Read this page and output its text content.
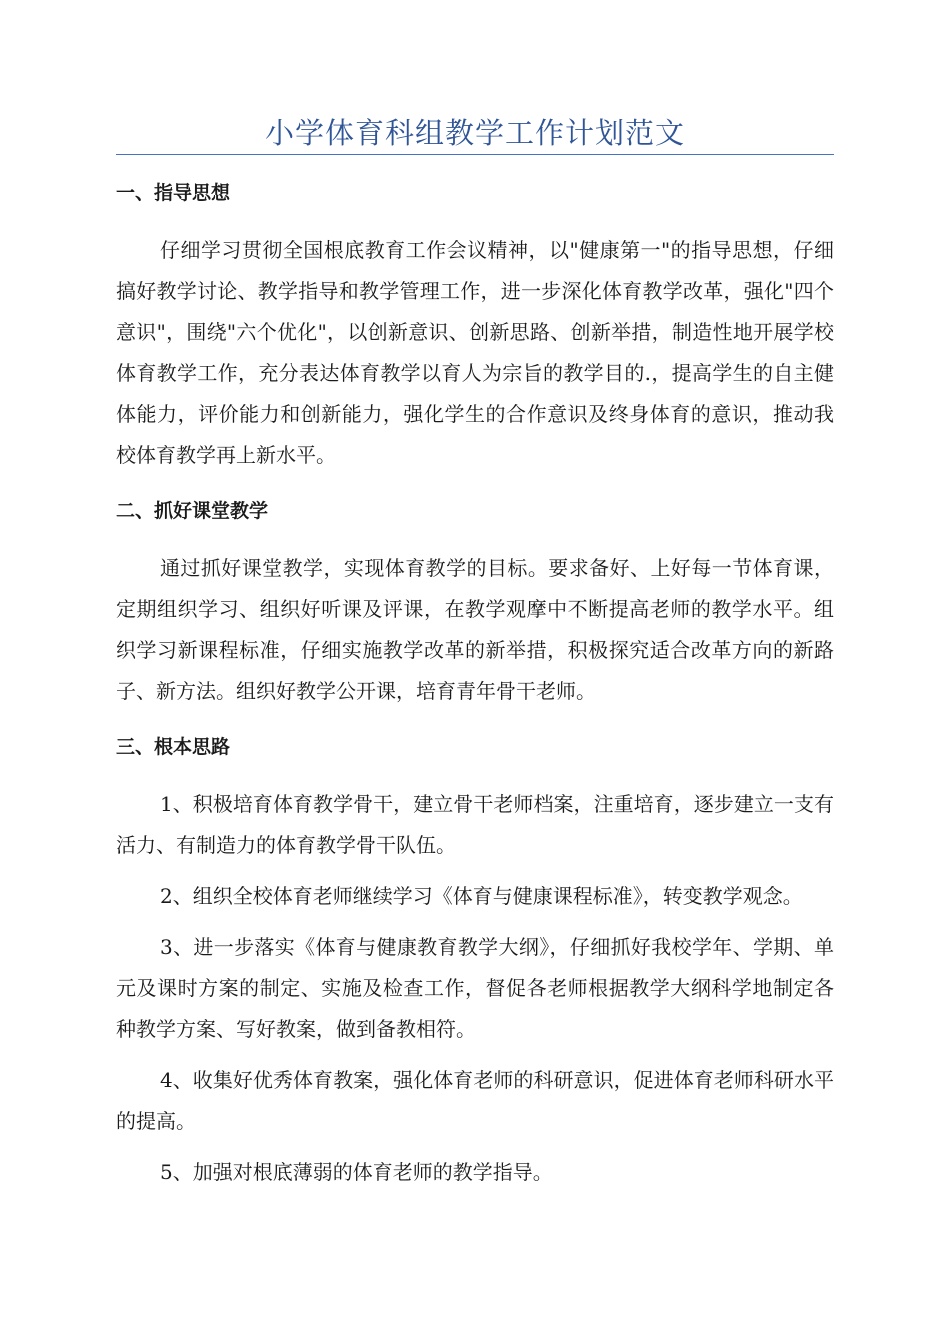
小学体育科组教学工作计划范文

一、指导思想

仔细学习贯彻全国根底教育工作会议精神，以"健康第一"的指导思想，仔细搞好教学讨论、教学指导和教学管理工作，进一步深化体育教学改革，强化"四个意识"，围绕"六个优化"，以创新意识、创新思路、创新举措，制造性地开展学校体育教学工作，充分表达体育教学以育人为宗旨的教学目的.，提高学生的自主健体能力，评价能力和创新能力，强化学生的合作意识及终身体育的意识，推动我校体育教学再上新水平。

二、抓好课堂教学

通过抓好课堂教学，实现体育教学的目标。要求备好、上好每一节体育课，定期组织学习、组织好听课及评课，在教学观摩中不断提高老师的教学水平。组织学习新课程标准，仔细实施教学改革的新举措，积极探究适合改革方向的新路子、新方法。组织好教学公开课，培育青年骨干老师。

三、根本思路

1、积极培育体育教学骨干，建立骨干老师档案，注重培育，逐步建立一支有活力、有制造力的体育教学骨干队伍。

2、组织全校体育老师继续学习《体育与健康课程标准》，转变教学观念。

3、进一步落实《体育与健康教育教学大纲》，仔细抓好我校学年、学期、单元及课时方案的制定、实施及检查工作，督促各老师根据教学大纲科学地制定各种教学方案、写好教案，做到备教相符。

4、收集好优秀体育教案，强化体育老师的科研意识，促进体育老师科研水平的提高。

5、加强对根底薄弱的体育老师的教学指导。
